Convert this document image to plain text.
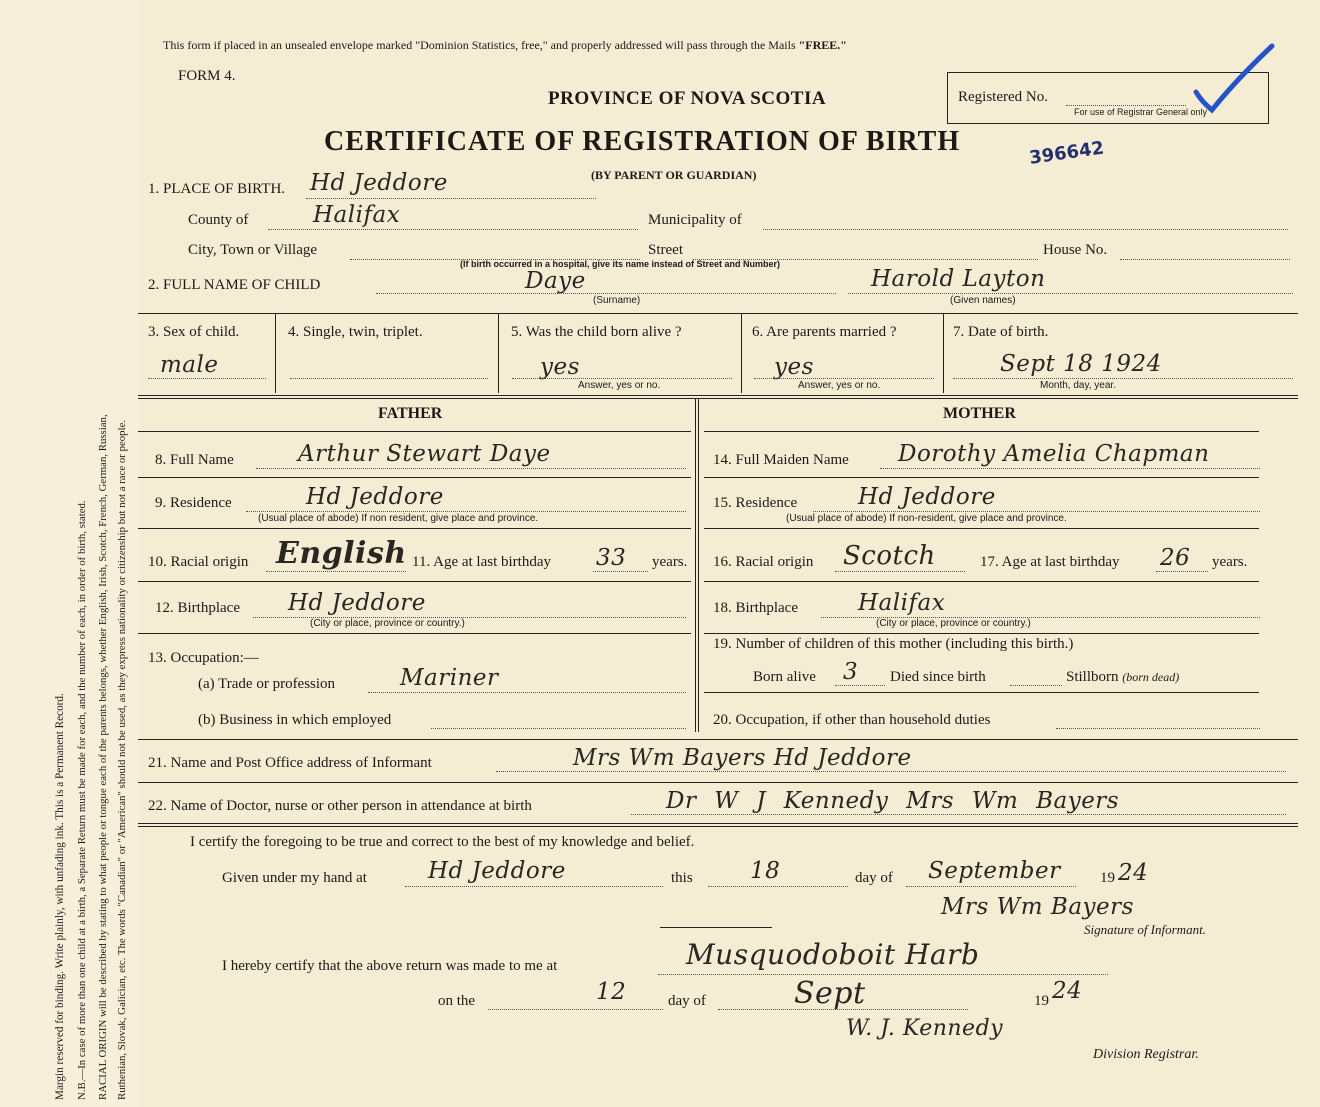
Margin reserved for binding. Write plainly, with unfading ink. This is a Permanent Record. N.B.—In case of more than one child at a birth, a Separate Return must be made for each, and the number of each, in order of birth, stated. RACIAL ORIGIN will be described by stating to what people or tongue each of the parents belongs, whether English, Irish, Scotch, French, German, Russian, Ruthenian, Slovak, Galician, etc. The words "Canadian" or "American" should not be used, as they express nationality or citizenship but not a race or people.
This form if placed in an unsealed envelope marked "Dominion Statistics, free," and properly addressed will pass through the Mails "FREE."
FORM 4.
PROVINCE OF NOVA SCOTIA
CERTIFICATE OF REGISTRATION OF BIRTH
(BY PARENT OR GUARDIAN)
Registered No.
For use of Registrar General only
396642
1. PLACE OF BIRTH. Hd Jeddore
County of	Halifax	Municipality of
City, Town or Village	Street	House No.
(If birth occurred in a hospital, give its name instead of Street and Number)
2. FULL NAME OF CHILD	Daye
(Surname)
Harold Layton
(Given names)
3. Sex of child.
male
4. Single, twin, triplet.	5. Was the child born alive ?
yes
Answer, yes or no.
6. Are parents married ?
yes
Answer, yes or no.
7. Date of birth.
Sept 18 1924
Month, day, year.
FATHER	MOTHER
8. Full Name	Arthur Stewart Daye
9. Residence	Hd Jeddore
(Usual place of abode) If non resident, give place and province.
10. Racial origin English 11. Age at last birthday 33 years.
12. Birthplace Hd Jeddore
(City or place, province or country.)
13. Occupation:—
(a) Trade or profession	Mariner
(b) Business in which employed
14. Full Maiden Name Dorothy Amelia Chapman
15. Residence	Hd Jeddore
(Usual place of abode) If non-resident, give place and province.
16. Racial origin Scotch	17. Age at last birthday 26 years.
18. Birthplace	Halifax
(City or place, province or country.)
19. Number of children of this mother (including this birth.)
Born alive 3 Died since birth	Stillborn (born dead)
20. Occupation, if other than household duties
21. Name and Post Office address of Informant	Mrs Wm Bayers Hd Jeddore
22. Name of Doctor, nurse or other person in attendance at birth	Dr W J Kennedy Mrs Wm Bayers
I certify the foregoing to be true and correct to the best of my knowledge and belief.
Given under my hand at	Hd Jeddore	this 18	day of September	19 24
Mrs Wm Bayers
Signature of Informant.
I hereby certify that the above return was made to me at	Musquodoboit Harb
on the	12	day of	Sept	19 24
W. J. Kennedy
Division Registrar.
